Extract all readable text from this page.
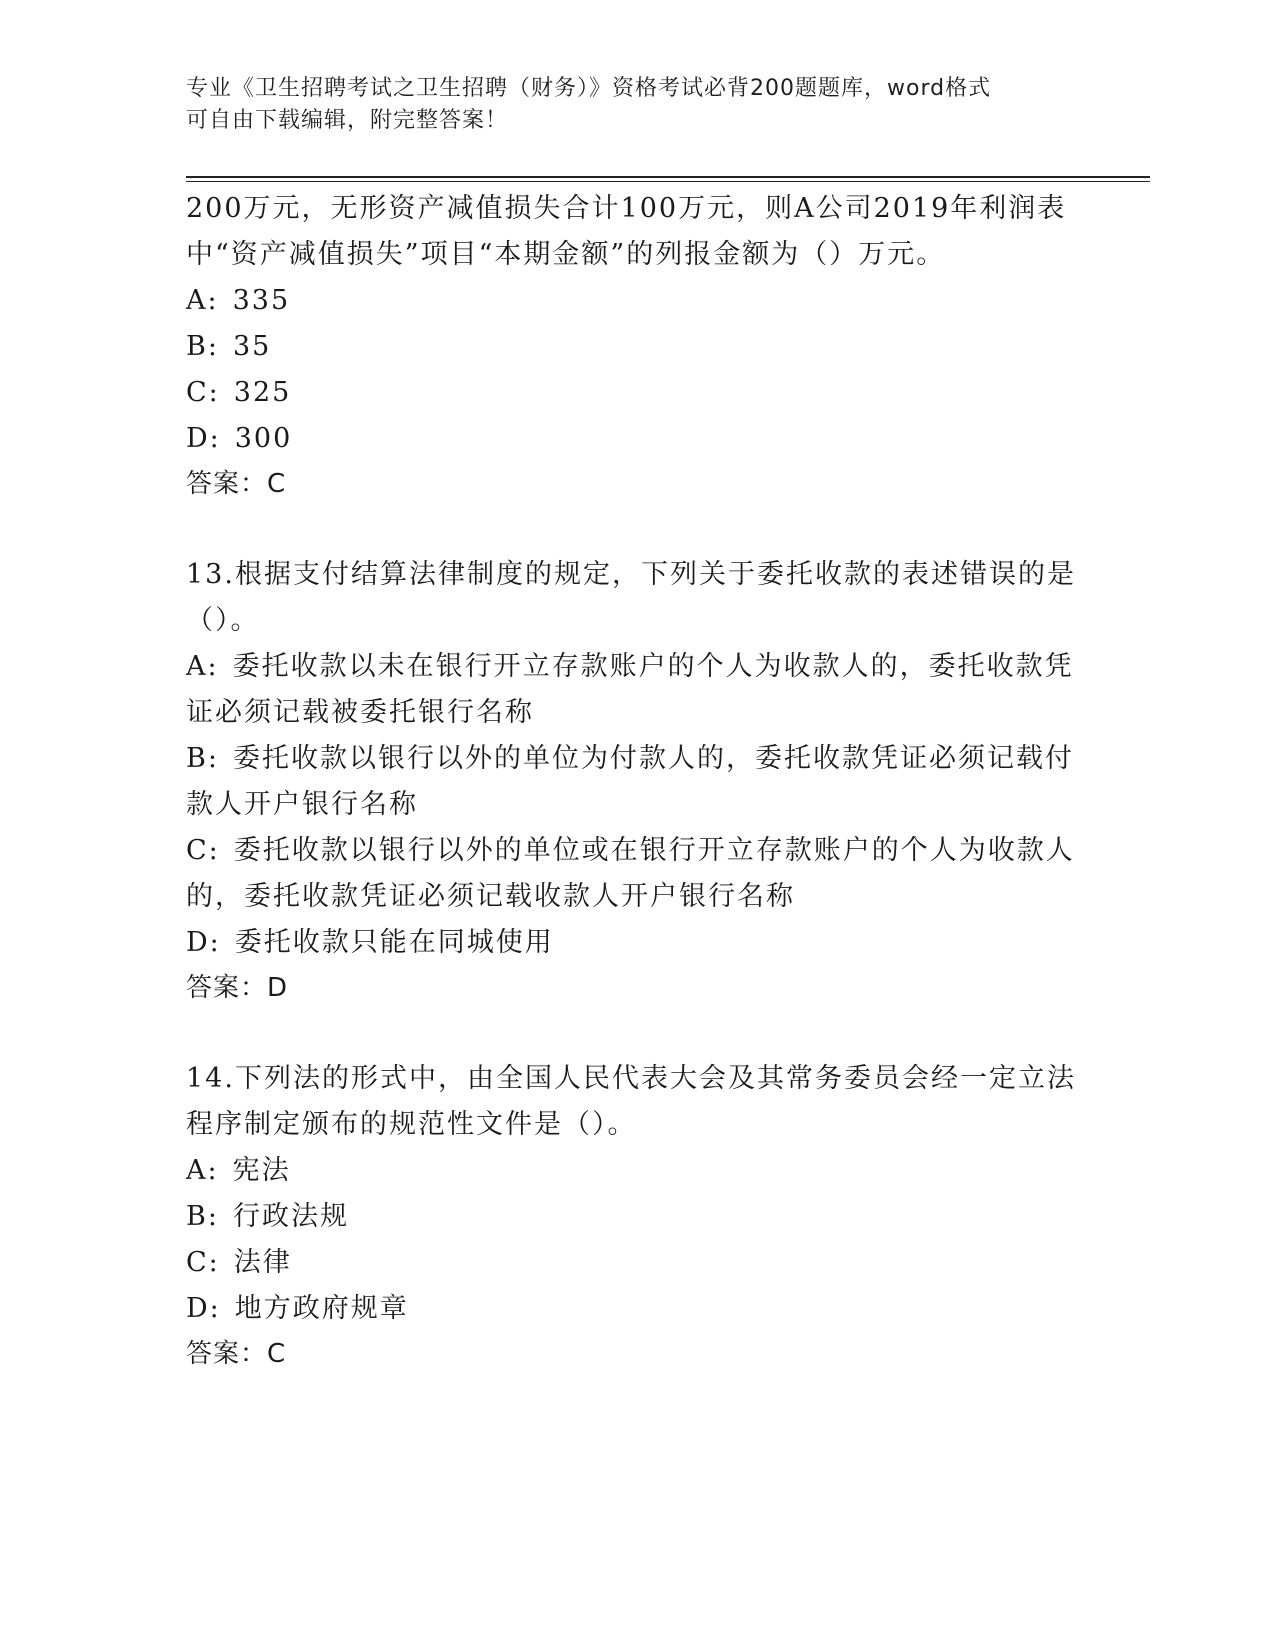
专业《卫生招聘考试之卫生招聘（财务）》资格考试必背200题题库，word格式
可自由下载编辑，附完整答案！
200万元，无形资产减值损失合计100万元，则A公司2019年利润表
中“资产减值损失”项目“本期金额”的列报金额为（）万元。
A: 335
B: 35
C: 325
D: 300
答案：C
13.根据支付结算法律制度的规定，下列关于委托收款的表述错误的是
（）。
A: 委托收款以未在银行开立存款账户的个人为收款人的，委托收款凭
证必须记载被委托银行名称
B: 委托收款以银行以外的单位为付款人的，委托收款凭证必须记载付
款人开户银行名称
C: 委托收款以银行以外的单位或在银行开立存款账户的个人为收款人
的，委托收款凭证必须记载收款人开户银行名称
D: 委托收款只能在同城使用
答案：D
14.下列法的形式中，由全国人民代表大会及其常务委员会经一定立法
程序制定颁布的规范性文件是（）。
A: 宪法
B: 行政法规
C: 法律
D: 地方政府规章
答案：C
